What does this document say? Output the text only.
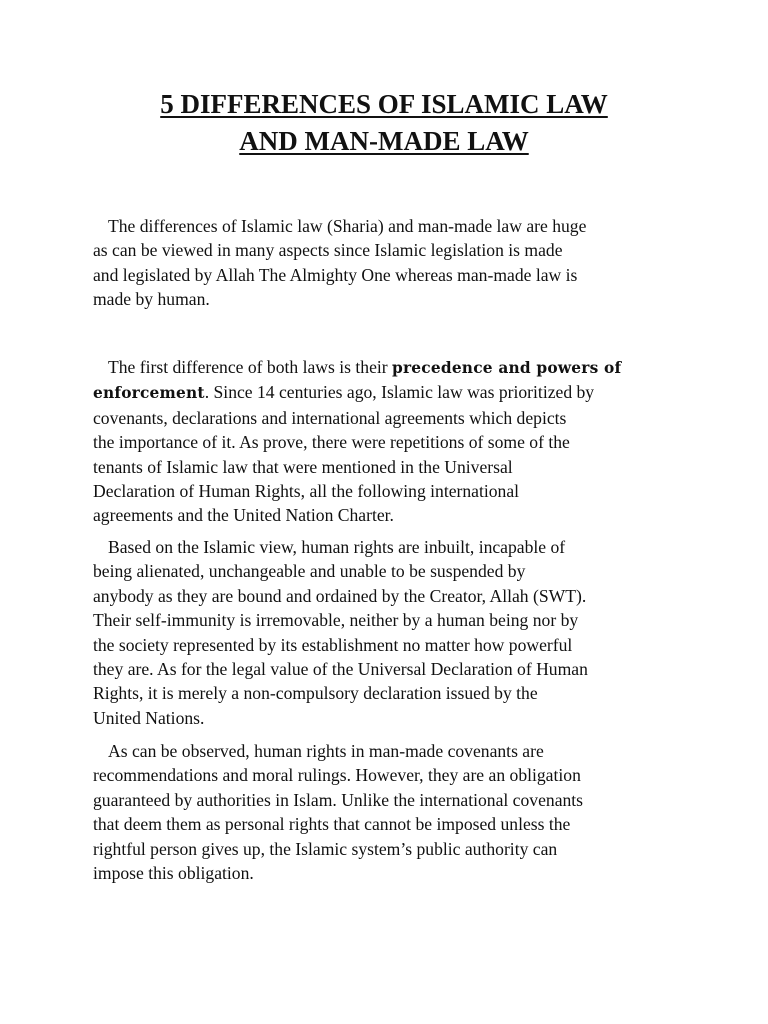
5 DIFFERENCES OF ISLAMIC LAW
AND MAN-MADE LAW

The differences of Islamic law (Sharia) and man-made law are huge
as can be viewed in many aspects since Islamic legislation is made
and legislated by Allah The Almighty One whereas man-made law is
made by human.

The first difference of both laws is their precedence and powers of
enforcement. Since 14 centuries ago, Islamic law was prioritized by
covenants, declarations and international agreements which depicts
the importance of it. As prove, there were repetitions of some of the
tenants of Islamic law that were mentioned in the Universal
Declaration of Human Rights, all the following international
agreements and the United Nation Charter.

Based on the Islamic view, human rights are inbuilt, incapable of
being alienated, unchangeable and unable to be suspended by
anybody as they are bound and ordained by the Creator, Allah (SWT).
Their self-immunity is irremovable, neither by a human being nor by
the society represented by its establishment no matter how powerful
they are. As for the legal value of the Universal Declaration of Human
Rights, it is merely a non-compulsory declaration issued by the
United Nations.

As can be observed, human rights in man-made covenants are
recommendations and moral rulings. However, they are an obligation
guaranteed by authorities in Islam. Unlike the international covenants
that deem them as personal rights that cannot be imposed unless the
rightful person gives up, the Islamic system’s public authority can
impose this obligation.
